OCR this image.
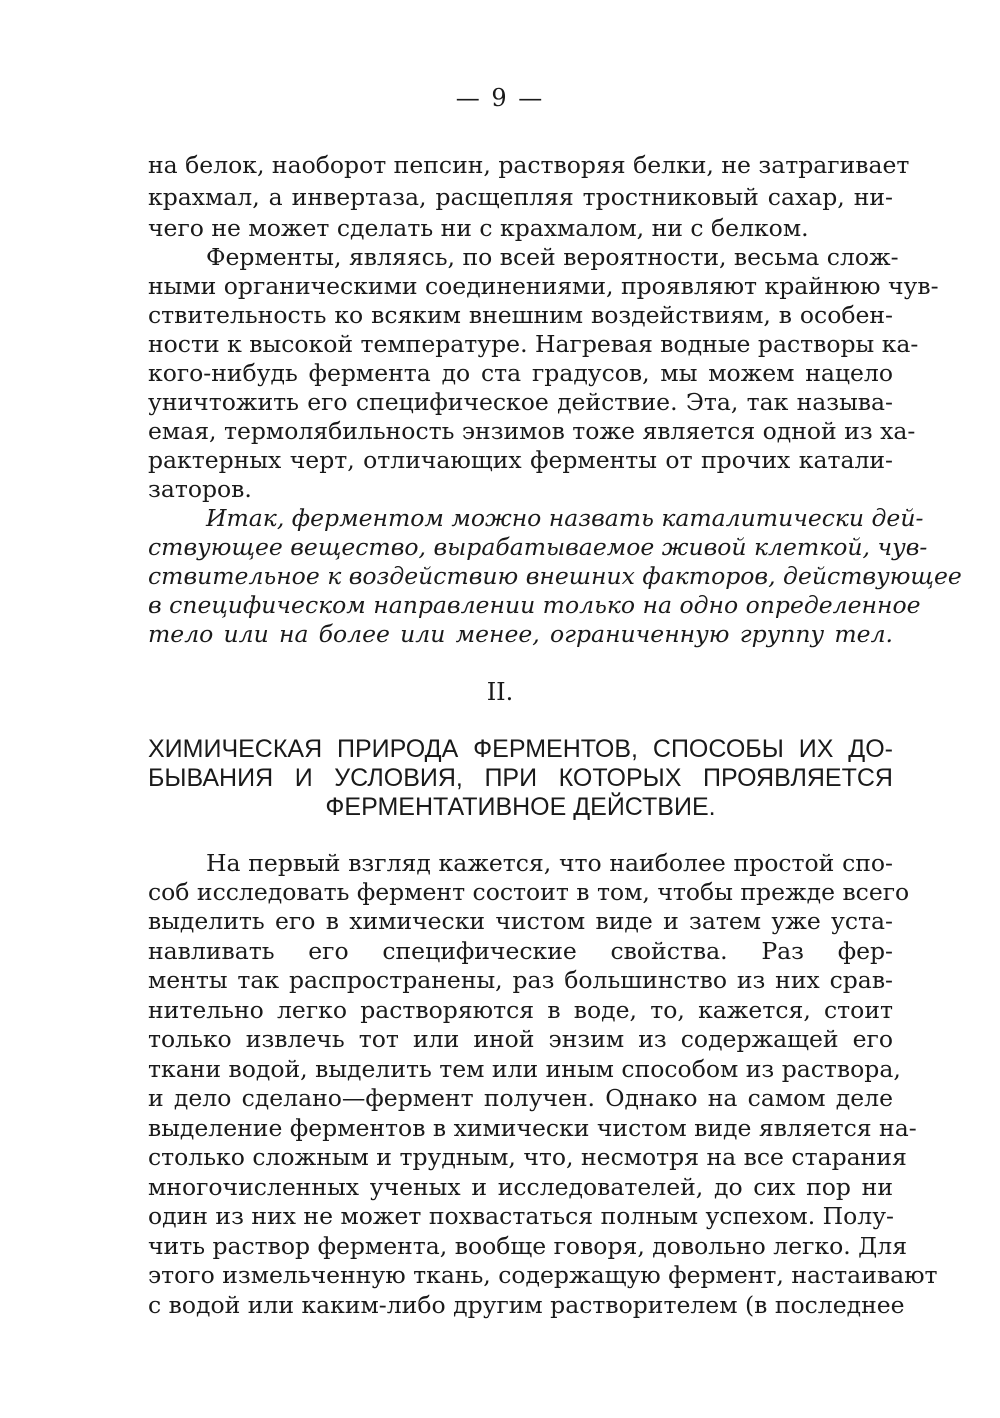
— 9 —
на белок, наоборот пепсин, растворяя белки, не затрагивает
крахмал, а инвертаза, расщепляя тростниковый сахар, ни-
чего не может сделать ни с крахмалом, ни с белком.
Ферменты, являясь, по всей вероятности, весьма слож-
ными органическими соединениями, проявляют крайнюю чув-
ствительность ко всяким внешним воздействиям, в особен-
ности к высокой температуре. Нагревая водные растворы ка-
кого-нибудь фермента до ста градусов, мы можем нацело
уничтожить его специфическое действие. Эта, так называ-
емая, термолябильность энзимов тоже является одной из ха-
рактерных черт, отличающих ферменты от прочих катали-
заторов.
Итак, ферментом можно назвать каталитически дей-
ствующее вещество, вырабатываемое живой клеткой, чув-
ствительное к воздействию внешних факторов, действующее
в специфическом направлении только на одно определенное
тело или на более или менее, ограниченную группу тел.
II.
ХИМИЧЕСКАЯ ПРИРОДА ФЕРМЕНТОВ, СПОСОБЫ ИХ ДО-
БЫВАНИЯ И УСЛОВИЯ, ПРИ КОТОРЫХ ПРОЯВЛЯЕТСЯ
ФЕРМЕНТАТИВНОЕ ДЕЙСТВИЕ.
На первый взгляд кажется, что наиболее простой спо-
соб исследовать фермент состоит в том, чтобы прежде всего
выделить его в химически чистом виде и затем уже уста-
навливать его специфические свойства. Раз фер-
менты так распространены, раз большинство из них срав-
нительно легко растворяются в воде, то, кажется, стоит
только извлечь тот или иной энзим из содержащей его
ткани водой, выделить тем или иным способом из раствора,
и дело сделано—фермент получен. Однако на самом деле
выделение ферментов в химически чистом виде является на-
столько сложным и трудным, что, несмотря на все старания
многочисленных ученых и исследователей, до сих пор ни
один из них не может похвастаться полным успехом. Полу-
чить раствор фермента, вообще говоря, довольно легко. Для
этого измельченную ткань, содержащую фермент, настаивают
с водой или каким-либо другим растворителем (в последнее
